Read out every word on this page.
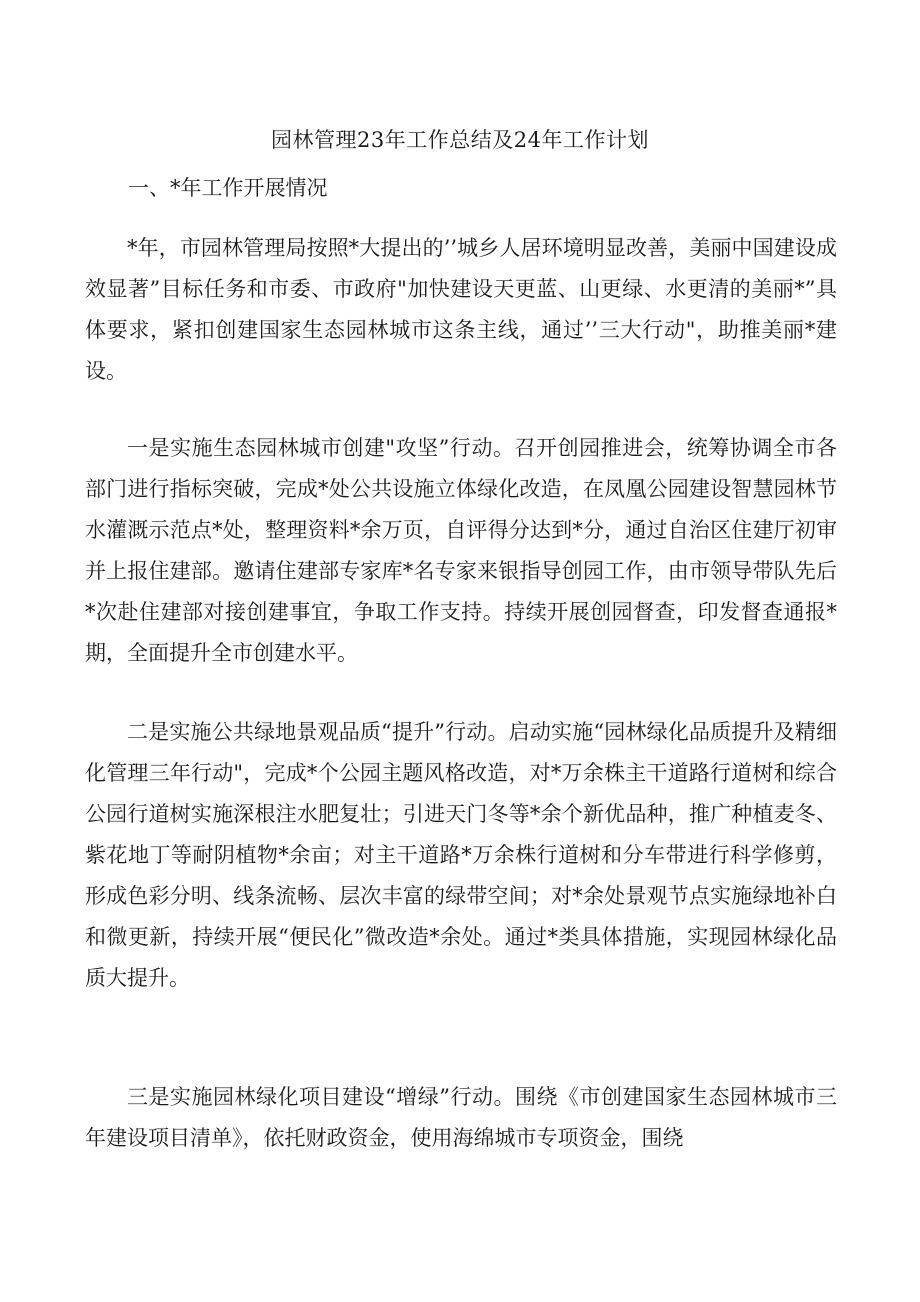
园林管理23年工作总结及24年工作计划
一、*年工作开展情况

*年，市园林管理局按照*大提出的’’城乡人居环境明显改善，美丽中国建设成效显著”目标任务和市委、市政府"加快建设天更蓝、山更绿、水更清的美丽*”具体要求，紧扣创建国家生态园林城市这条主线，通过’’三大行动"，助推美丽*建设。

一是实施生态园林城市创建"攻坚”行动。召开创园推进会，统筹协调全市各部门进行指标突破，完成*处公共设施立体绿化改造，在凤凰公园建设智慧园林节水灌溉示范点*处，整理资料*余万页，自评得分达到*分，通过自治区住建厅初审并上报住建部。邀请住建部专家库*名专家来银指导创园工作，由市领导带队先后*次赴住建部对接创建事宜，争取工作支持。持续开展创园督查，印发督查通报*期，全面提升全市创建水平。

二是实施公共绿地景观品质“提升”行动。启动实施“园林绿化品质提升及精细化管理三年行动"，完成*个公园主题风格改造，对*万余株主干道路行道树和综合公园行道树实施深根注水肥复壮；引进天门冬等*余个新优品种，推广种植麦冬、紫花地丁等耐阴植物*余亩；对主干道路*万余株行道树和分车带进行科学修剪，形成色彩分明、线条流畅、层次丰富的绿带空间；对*余处景观节点实施绿地补白和微更新，持续开展“便民化”微改造*余处。通过*类具体措施，实现园林绿化品质大提升。

三是实施园林绿化项目建设“增绿”行动。围绕《市创建国家生态园林城市三年建设项目清单》，依托财政资金，使用海绵城市专项资金，围绕
